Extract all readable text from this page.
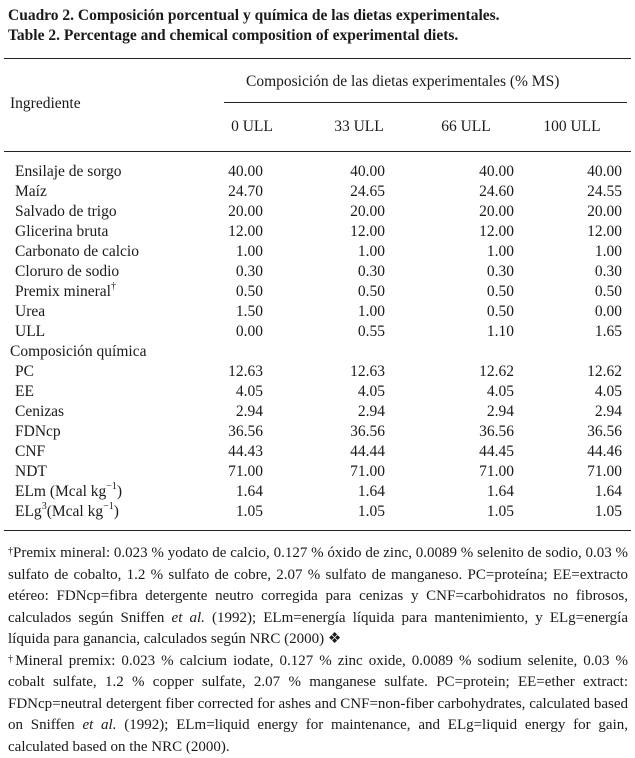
Cuadro 2. Composición porcentual y química de las dietas experimentales.
Table 2. Percentage and chemical composition of experimental diets.
Composición de las dietas experimentales (% MS)
Ingrediente
0 ULL	33 ULL	66 ULL	100 ULL
Ensilaje de sorgo	40.00	40.00	40.00	40.00
Maíz	24.70	24.65	24.60	24.55
Salvado de trigo	20.00	20.00	20.00	20.00
Glicerina bruta	12.00	12.00	12.00	12.00
Carbonato de calcio	1.00	1.00	1.00	1.00
Cloruro de sodio	0.30	0.30	0.30	0.30
Premix mineral†	0.50	0.50	0.50	0.50
Urea	1.50	1.00	0.50	0.00
ULL	0.00	0.55	1.10	1.65
Composición química
PC	12.63	12.63	12.62	12.62
EE	4.05	4.05	4.05	4.05
Cenizas	2.94	2.94	2.94	2.94
FDNcp	36.56	36.56	36.56	36.56
CNF	44.43	44.44	44.45	44.46
NDT	71.00	71.00	71.00	71.00
ELm (Mcal $kg^{-1}$)	1.64	1.64	1.64	1.64
ELg$^3$(Mcal $kg^{-1}$)	1.05	1.05	1.05	1.05

†Premix mineral: 0.023 % yodato de calcio, 0.127 % óxido de zinc, 0.0089 % selenito de sodio, 0.03 % sulfato de cobalto, 1.2 % sulfato de cobre, 2.07 % sulfato de manganeso. PC=proteína; EE=extracto etéreo: FDNcp=fibra detergente neutro corregida para cenizas y CNF=carbohidratos no fibrosos, calculados según Sniffen et al. (1992); ELm=energía líquida para mantenimiento, y ELg=energía líquida para ganancia, calculados según NRC (2000) ❖

†Mineral premix: 0.023 % calcium iodate, 0.127 % zinc oxide, 0.0089 % sodium selenite, 0.03 % cobalt sulfate, 1.2 % copper sulfate, 2.07 % manganese sulfate. PC=protein; EE=ether extract: FDNcp=neutral detergent fiber corrected for ashes and CNF=non-fiber carbohydrates, calculated based on Sniffen et al. (1992); ELm=liquid energy for maintenance, and ELg=liquid energy for gain, calculated based on the NRC (2000).
